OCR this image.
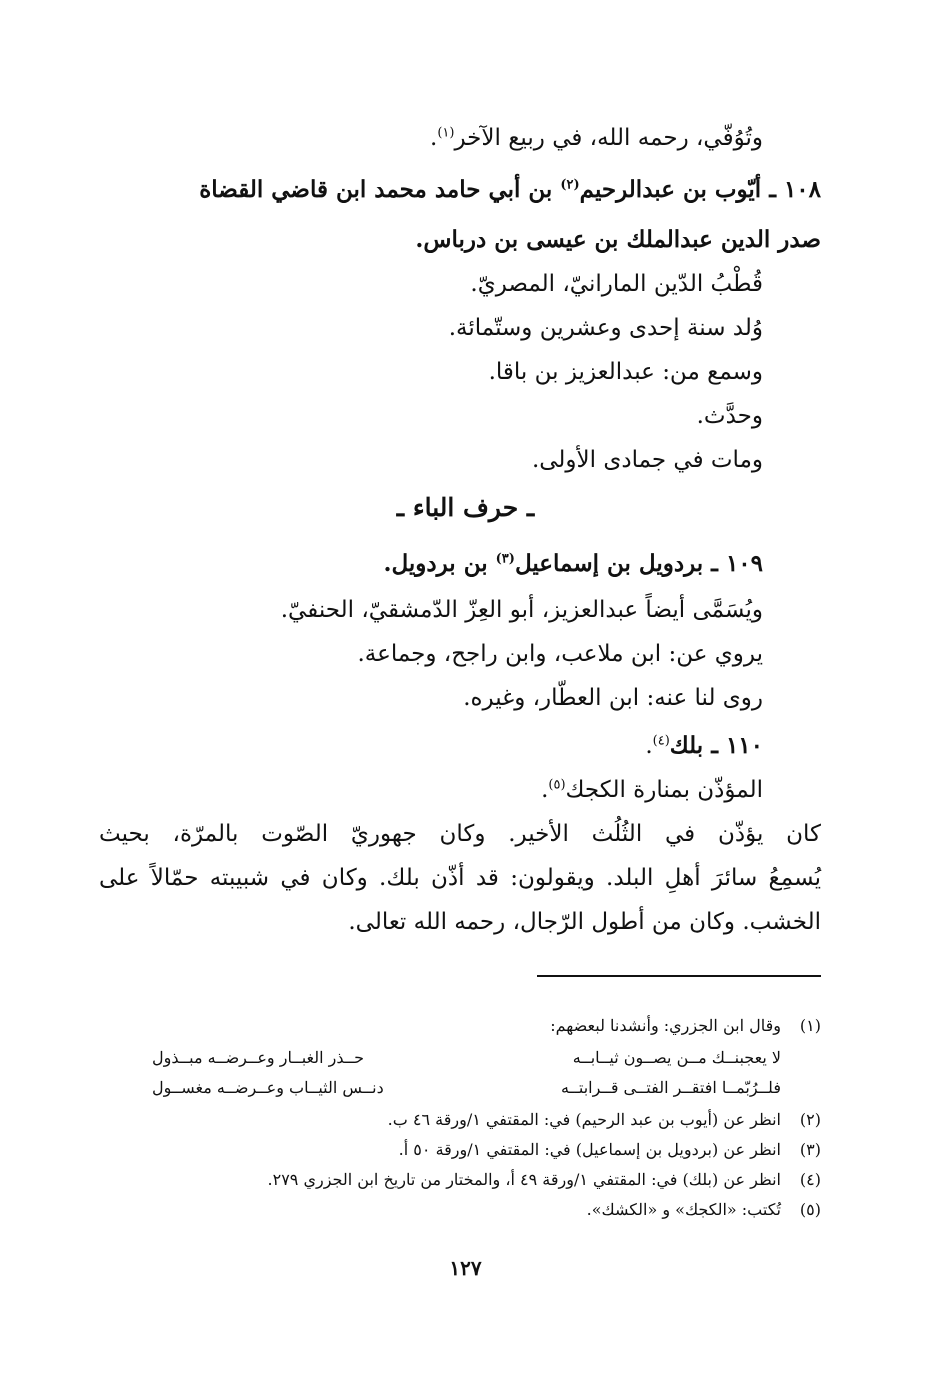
وتُوُفّي، رحمه الله، في ربيع الآخر$^{(١)}$.
١٠٨ ـ أيّوب بن عبدالرحيم$^{(٢)}$ بن أبي حامد محمد ابن قاضي القضاة
صدر الدين عبدالملك بن عيسى بن درباس.
قُطْبُ الدّين المارانيّ، المصريّ.
وُلد سنة إحدى وعشرين وستّمائة.
وسمع من: عبدالعزيز بن باقا.
وحدَّث.
ومات في جمادى الأولى.
ـ حرف الباء ـ
١٠٩ ـ بردويل بن إسماعيل$^{(٣)}$ بن بردويل.
ويُسَمَّى أيضاً عبدالعزيز، أبو العِزّ الدّمشقيّ، الحنفيّ.
يروي عن: ابن ملاعب، وابن راجح، وجماعة.
روى لنا عنه: ابن العطّار، وغيره.
١١٠ ـ بلك$^{(٤)}$.
المؤذّن بمنارة الكجك$^{(٥)}$.
كان يؤذّن في الثُلُث الأخير. وكان جهوريّ الصّوت بالمرّة، بحيث
يُسمِعُ سائرَ أهلِ البلد. ويقولون: قد أذّن بلك. وكان في شبيبته حمّالاً على
الخشب. وكان من أطول الرّجال، رحمه الله تعالى.
(١)وقال ابن الجزري: وأنشدنا لبعضهم:
لا يعجبنــك مــن يصــون ثيــابــه
حــذر الغبــار وعــرضــه مبــذول
فلــرُبّمــا افتقــر الفتــى قــرابتــه
دنــس الثيــاب وعــرضــه مغســول
(٢)انظر عن (أيوب بن عبد الرحيم) في: المقتفي ١/ورقة ٤٦ ب.
(٣)انظر عن (بردويل بن إسماعيل) في: المقتفي ١/ورقة ٥٠ أ.
(٤)انظر عن (بلك) في: المقتفي ١/ورقة ٤٩ أ، والمختار من تاريخ ابن الجزري ٢٧٩.
(٥)تُكتب: «الكجك» و «الكشك».
١٢٧
